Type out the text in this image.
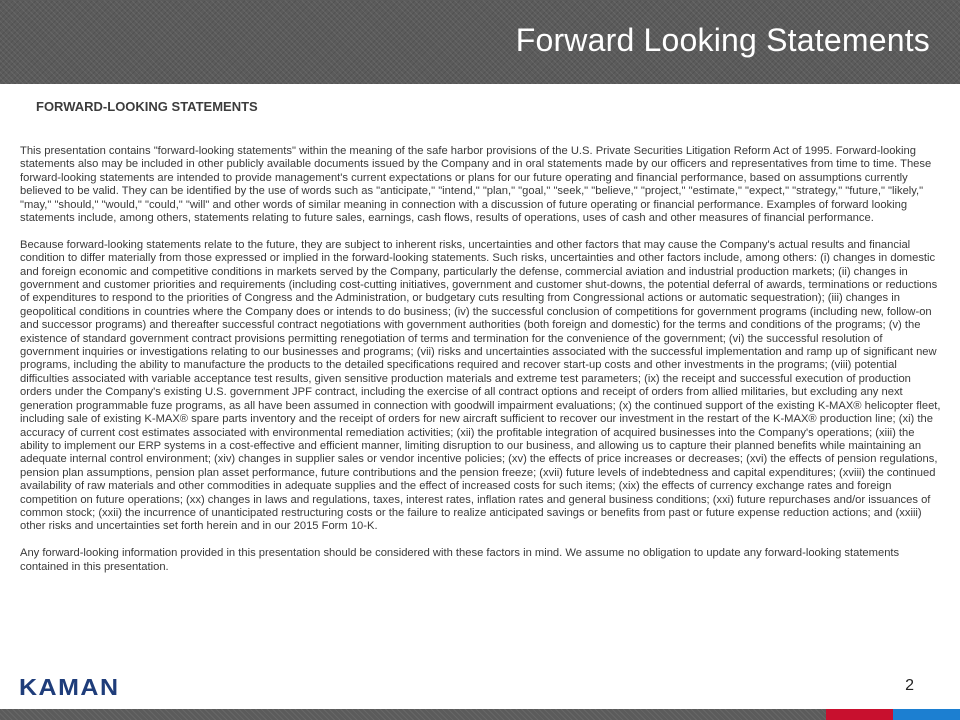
Forward Looking Statements
FORWARD-LOOKING STATEMENTS

This presentation contains "forward-looking statements" within the meaning of the safe harbor provisions of the U.S. Private Securities Litigation Reform Act of 1995. Forward-looking statements also may be included in other publicly available documents issued by the Company and in oral statements made by our officers and representatives from time to time. These forward-looking statements are intended to provide management's current expectations or plans for our future operating and financial performance, based on assumptions currently believed to be valid. They can be identified by the use of words such as "anticipate," "intend," "plan," "goal," "seek," "believe," "project," "estimate," "expect," "strategy," "future," "likely," "may," "should," "would," "could," "will" and other words of similar meaning in connection with a discussion of future operating or financial performance. Examples of forward looking statements include, among others, statements relating to future sales, earnings, cash flows, results of operations, uses of cash and other measures of financial performance.

Because forward-looking statements relate to the future, they are subject to inherent risks, uncertainties and other factors that may cause the Company's actual results and financial condition to differ materially from those expressed or implied in the forward-looking statements. Such risks, uncertainties and other factors include, among others: (i) changes in domestic and foreign economic and competitive conditions in markets served by the Company, particularly the defense, commercial aviation and industrial production markets; (ii) changes in government and customer priorities and requirements (including cost-cutting initiatives, government and customer shut-downs, the potential deferral of awards, terminations or reductions of expenditures to respond to the priorities of Congress and the Administration, or budgetary cuts resulting from Congressional actions or automatic sequestration); (iii) changes in geopolitical conditions in countries where the Company does or intends to do business; (iv) the successful conclusion of competitions for government programs (including new, follow-on and successor programs) and thereafter successful contract negotiations with government authorities (both foreign and domestic) for the terms and conditions of the programs; (v) the existence of standard government contract provisions permitting renegotiation of terms and termination for the convenience of the government; (vi) the successful resolution of government inquiries or investigations relating to our businesses and programs; (vii) risks and uncertainties associated with the successful implementation and ramp up of significant new programs, including the ability to manufacture the products to the detailed specifications required and recover start-up costs and other investments in the programs; (viii) potential difficulties associated with variable acceptance test results, given sensitive production materials and extreme test parameters; (ix) the receipt and successful execution of production orders under the Company's existing U.S. government JPF contract, including the exercise of all contract options and receipt of orders from allied militaries, but excluding any next generation programmable fuze programs, as all have been assumed in connection with goodwill impairment evaluations; (x) the continued support of the existing K-MAX® helicopter fleet, including sale of existing K-MAX® spare parts inventory and the receipt of orders for new aircraft sufficient to recover our investment in the restart of the K-MAX® production line; (xi) the accuracy of current cost estimates associated with environmental remediation activities; (xii) the profitable integration of acquired businesses into the Company's operations; (xiii) the ability to implement our ERP systems in a cost-effective and efficient manner, limiting disruption to our business, and allowing us to capture their planned benefits while maintaining an adequate internal control environment; (xiv) changes in supplier sales or vendor incentive policies; (xv) the effects of price increases or decreases; (xvi) the effects of pension regulations, pension plan assumptions, pension plan asset performance, future contributions and the pension freeze; (xvii) future levels of indebtedness and capital expenditures; (xviii) the continued availability of raw materials and other commodities in adequate supplies and the effect of increased costs for such items; (xix) the effects of currency exchange rates and foreign competition on future operations; (xx) changes in laws and regulations, taxes, interest rates, inflation rates and general business conditions; (xxi) future repurchases and/or issuances of common stock; (xxii) the incurrence of unanticipated restructuring costs or the failure to realize anticipated savings or benefits from past or future expense reduction actions; and (xxiii) other risks and uncertainties set forth herein and in our 2015 Form 10-K.

Any forward-looking information provided in this presentation should be considered with these factors in mind. We assume no obligation to update any forward-looking statements contained in this presentation.

KAMAN	2
